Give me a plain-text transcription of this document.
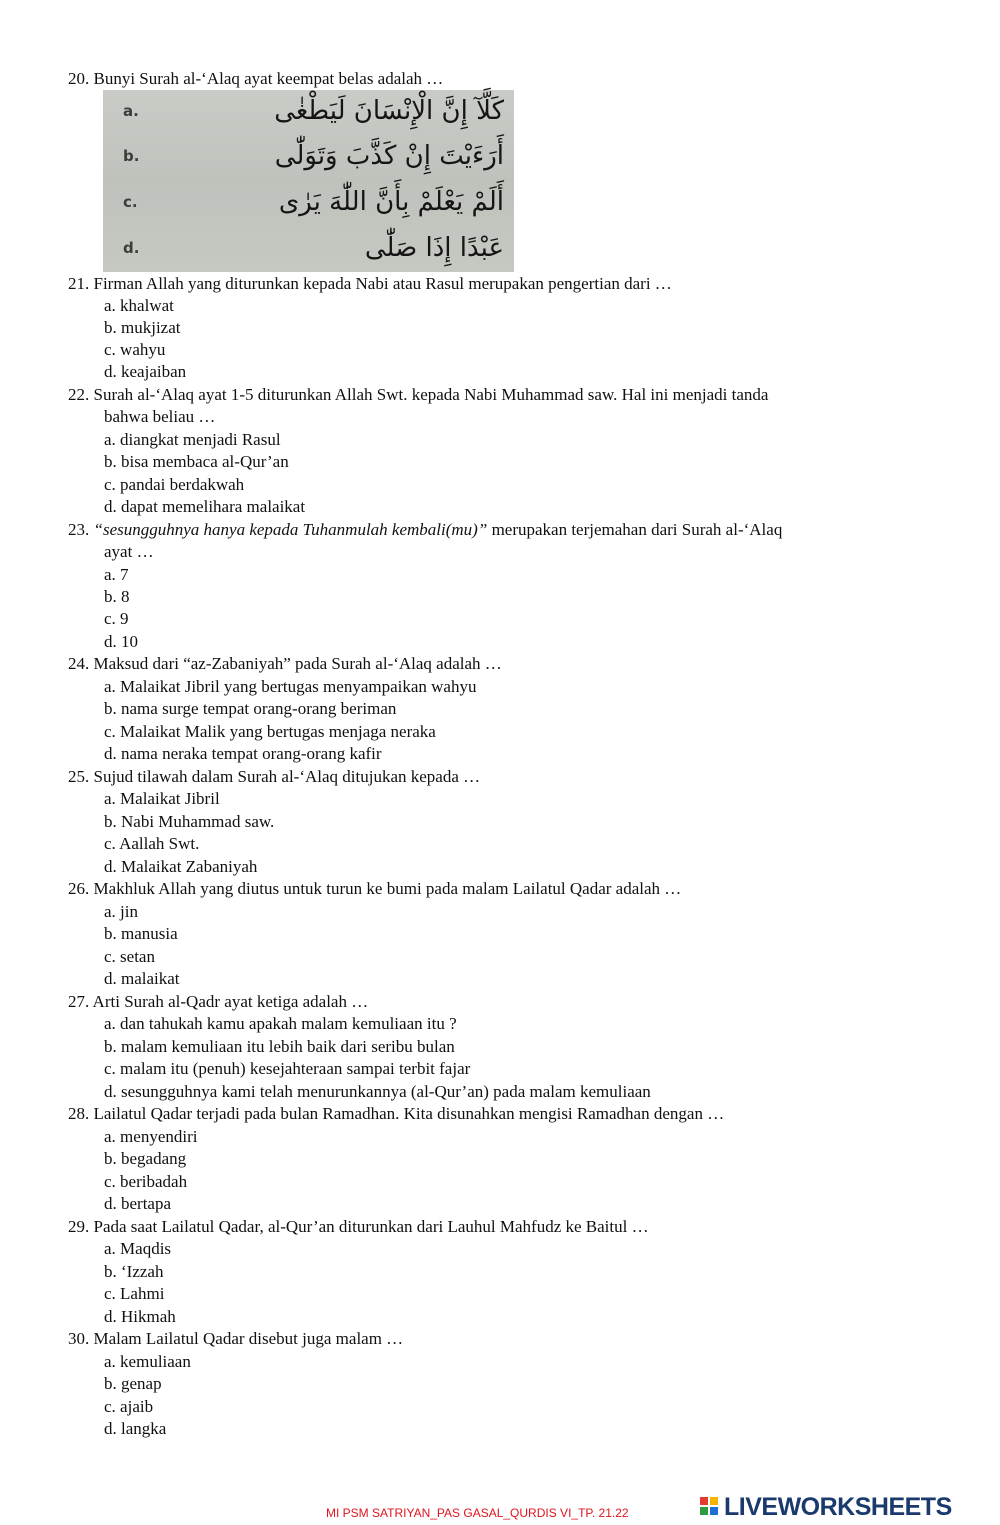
20. Bunyi Surah al-‘Alaq ayat keempat belas adalah …
a.	كَلَّآ إِنَّ الْإِنْسَانَ لَيَطْغٰى
b.	أَرَءَيْتَ إِنْ كَذَّبَ وَتَوَلّٰى
c.	أَلَمْ يَعْلَمْ بِأَنَّ اللّٰهَ يَرٰى
d.	عَبْدًا إِذَا صَلّٰى
21. Firman Allah yang diturunkan kepada Nabi atau Rasul merupakan pengertian dari …
a. khalwat
b. mukjizat
c. wahyu
d. keajaiban
22. Surah al-‘Alaq ayat 1-5 diturunkan Allah Swt. kepada Nabi Muhammad saw. Hal ini menjadi tanda
bahwa beliau …
a. diangkat menjadi Rasul
b. bisa membaca al-Qur’an
c. pandai berdakwah
d. dapat memelihara malaikat
23. “sesungguhnya hanya kepada Tuhanmulah kembali(mu)” merupakan terjemahan dari Surah al-‘Alaq
ayat …
a. 7
b. 8
c. 9
d. 10
24. Maksud dari “az-Zabaniyah” pada Surah al-‘Alaq adalah …
a. Malaikat Jibril yang bertugas menyampaikan wahyu
b. nama surge tempat orang-orang beriman
c. Malaikat Malik yang bertugas menjaga neraka
d. nama neraka tempat orang-orang kafir
25. Sujud tilawah dalam Surah al-‘Alaq ditujukan kepada …
a. Malaikat Jibril
b. Nabi Muhammad saw.
c. Aallah Swt.
d. Malaikat Zabaniyah
26. Makhluk Allah yang diutus untuk turun ke bumi pada malam Lailatul Qadar adalah …
a. jin
b. manusia
c. setan
d. malaikat
27. Arti Surah al-Qadr ayat ketiga adalah …
a. dan tahukah kamu apakah malam kemuliaan itu ?
b. malam kemuliaan itu lebih baik dari seribu bulan
c. malam itu (penuh) kesejahteraan sampai terbit fajar
d. sesungguhnya kami telah menurunkannya (al-Qur’an) pada malam kemuliaan
28. Lailatul Qadar terjadi pada bulan Ramadhan. Kita disunahkan mengisi Ramadhan dengan …
a. menyendiri
b. begadang
c. beribadah
d. bertapa
29. Pada saat Lailatul Qadar, al-Qur’an diturunkan dari Lauhul Mahfudz ke Baitul …
a. Maqdis
b. ‘Izzah
c. Lahmi
d. Hikmah
30. Malam Lailatul Qadar disebut juga malam …
a. kemuliaan
b. genap
c. ajaib
d. langka
MI PSM SATRIYAN_PAS GASAL_QURDIS VI_TP. 21.22	LIVEWORKSHEETS
